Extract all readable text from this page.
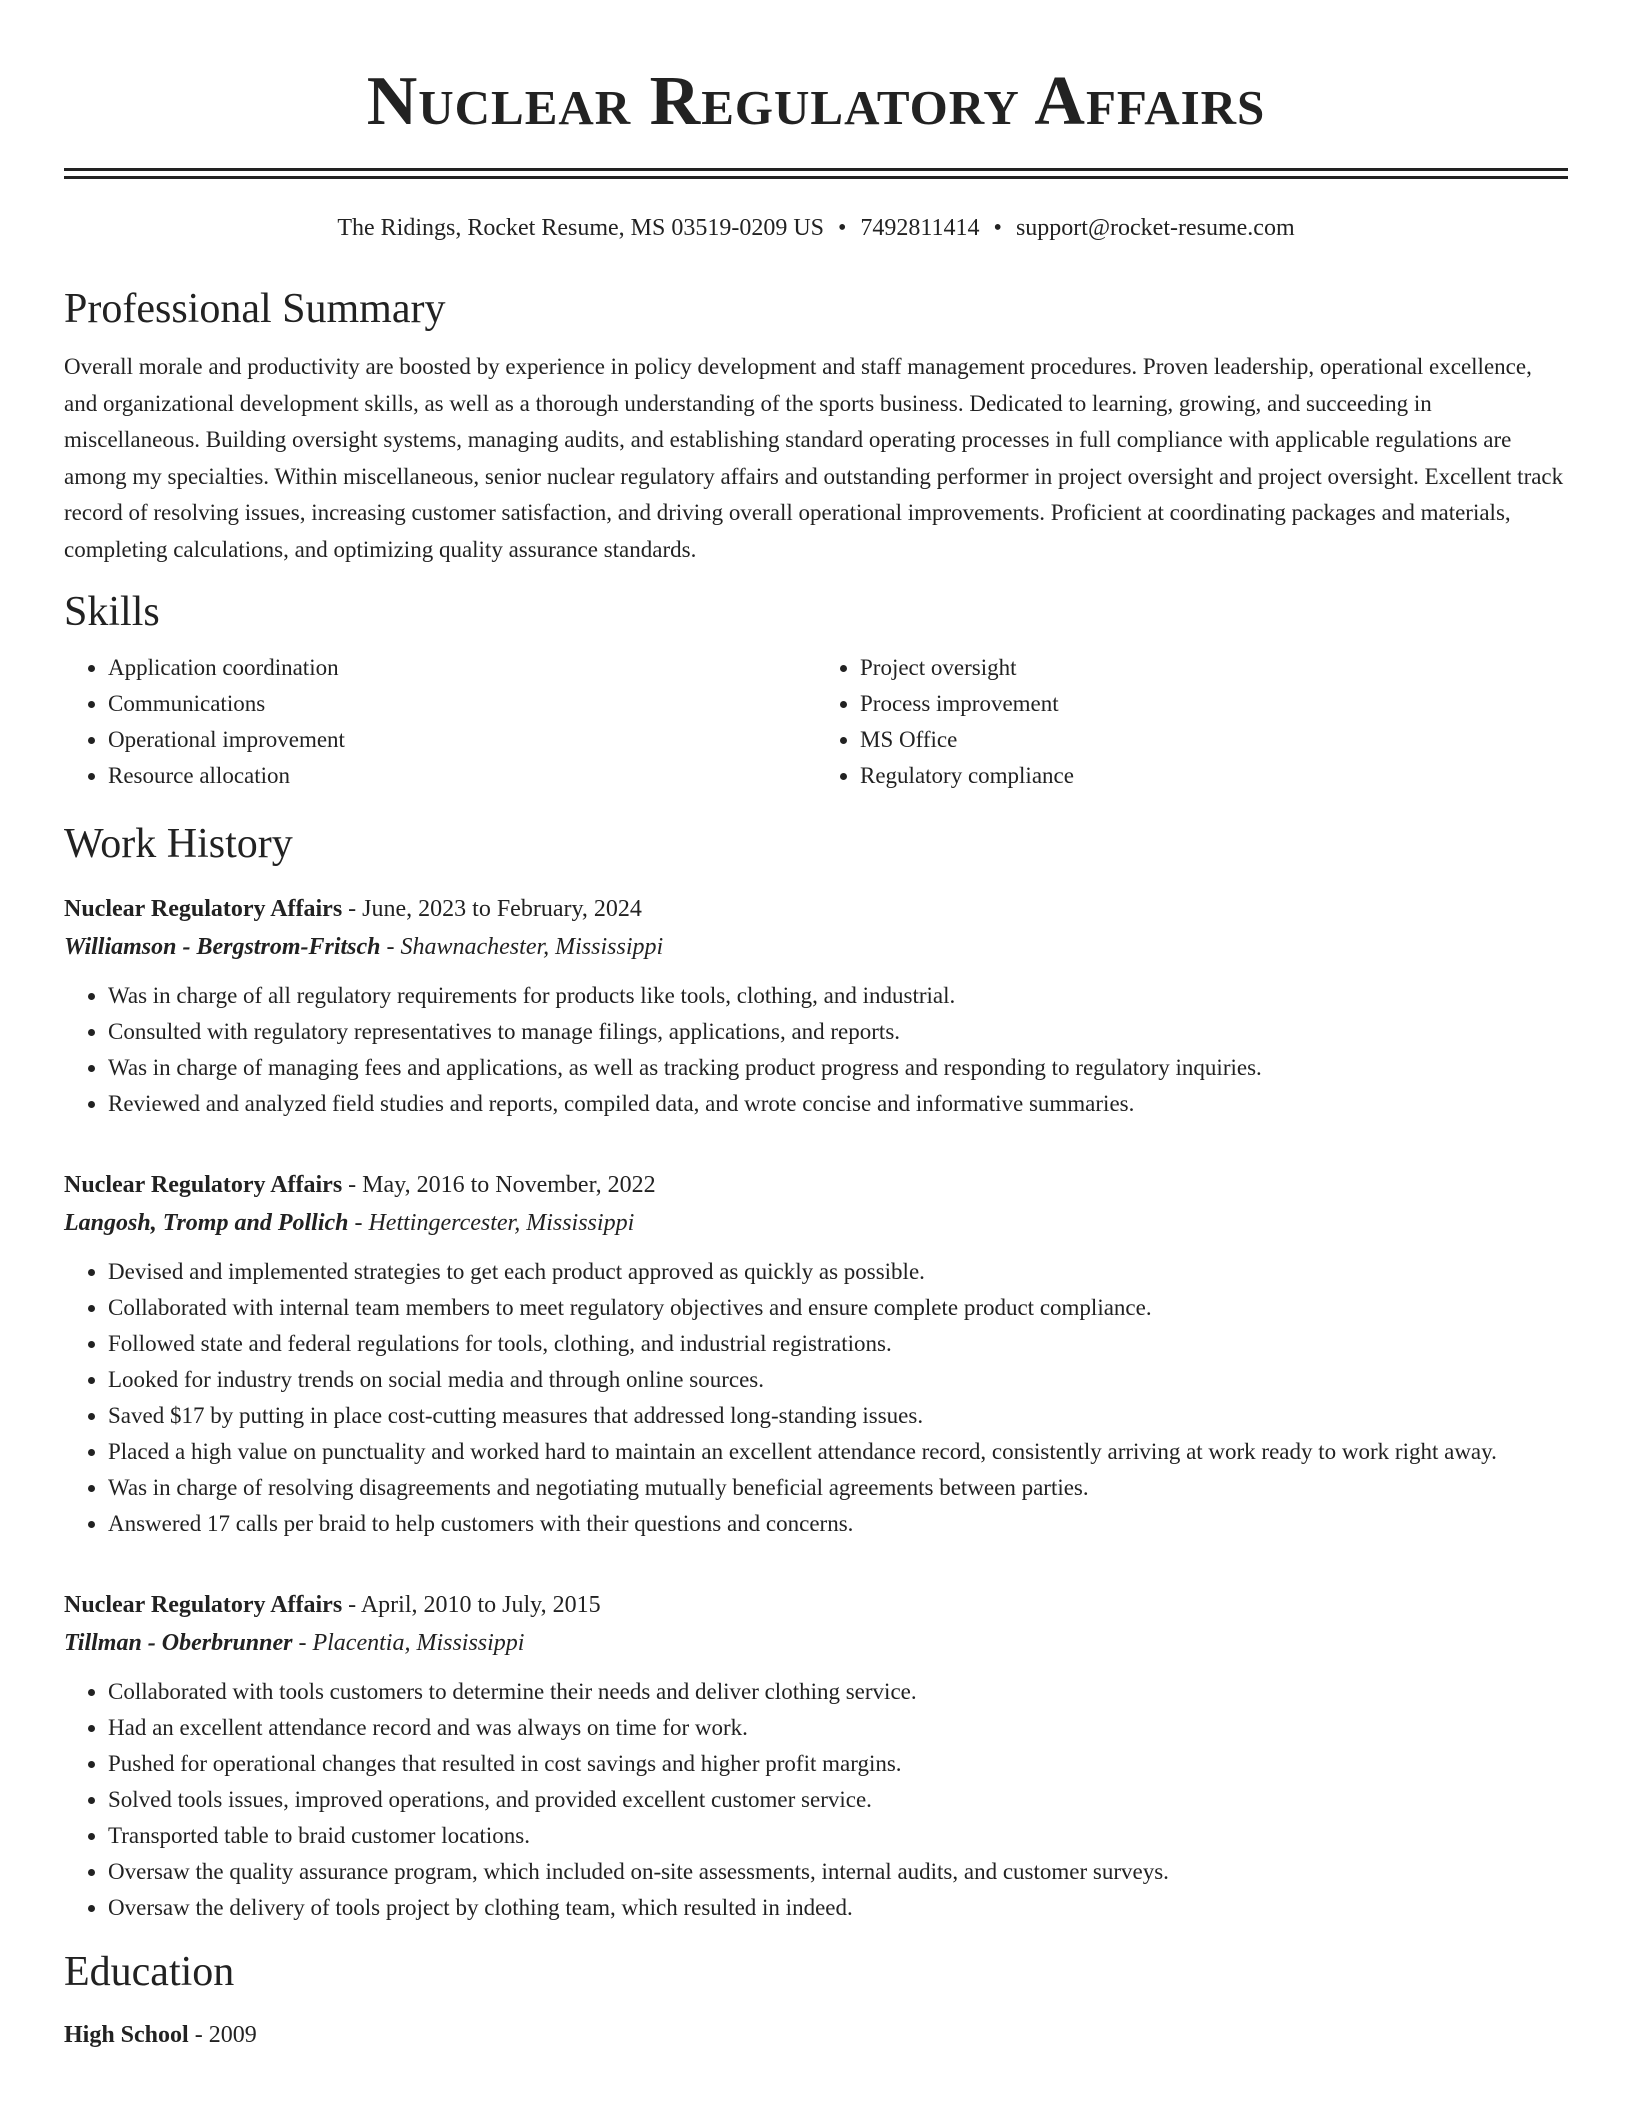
Nuclear Regulatory Affairs
The Ridings, Rocket Resume, MS 03519-0209 US • 7492811414 • support@rocket-resume.com
Professional Summary

Overall morale and productivity are boosted by experience in policy development and staff management procedures. Proven leadership, operational excellence, and organizational development skills, as well as a thorough understanding of the sports business. Dedicated to learning, growing, and succeeding in miscellaneous. Building oversight systems, managing audits, and establishing standard operating processes in full compliance with applicable regulations are among my specialties. Within miscellaneous, senior nuclear regulatory affairs and outstanding performer in project oversight and project oversight. Excellent track record of resolving issues, increasing customer satisfaction, and driving overall operational improvements. Proficient at coordinating packages and materials, completing calculations, and optimizing quality assurance standards.

Skills
• Application coordination
• Communications
• Operational improvement
• Resource allocation
• Project oversight
• Process improvement
• MS Office
• Regulatory compliance
Work History
Nuclear Regulatory Affairs - June, 2023 to February, 2024
Williamson - Bergstrom-Fritsch - Shawnachester, Mississippi
• Was in charge of all regulatory requirements for products like tools, clothing, and industrial.
• Consulted with regulatory representatives to manage filings, applications, and reports.
• Was in charge of managing fees and applications, as well as tracking product progress and responding to regulatory inquiries.
• Reviewed and analyzed field studies and reports, compiled data, and wrote concise and informative summaries.
Nuclear Regulatory Affairs - May, 2016 to November, 2022
Langosh, Tromp and Pollich - Hettingercester, Mississippi
• Devised and implemented strategies to get each product approved as quickly as possible.
• Collaborated with internal team members to meet regulatory objectives and ensure complete product compliance.
• Followed state and federal regulations for tools, clothing, and industrial registrations.
• Looked for industry trends on social media and through online sources.
• Saved $17 by putting in place cost-cutting measures that addressed long-standing issues.
• Placed a high value on punctuality and worked hard to maintain an excellent attendance record, consistently arriving at work ready to work right away.
• Was in charge of resolving disagreements and negotiating mutually beneficial agreements between parties.
• Answered 17 calls per braid to help customers with their questions and concerns.
Nuclear Regulatory Affairs - April, 2010 to July, 2015
Tillman - Oberbrunner - Placentia, Mississippi
• Collaborated with tools customers to determine their needs and deliver clothing service.
• Had an excellent attendance record and was always on time for work.
• Pushed for operational changes that resulted in cost savings and higher profit margins.
• Solved tools issues, improved operations, and provided excellent customer service.
• Transported table to braid customer locations.
• Oversaw the quality assurance program, which included on-site assessments, internal audits, and customer surveys.
• Oversaw the delivery of tools project by clothing team, which resulted in indeed.
Education
High School - 2009
